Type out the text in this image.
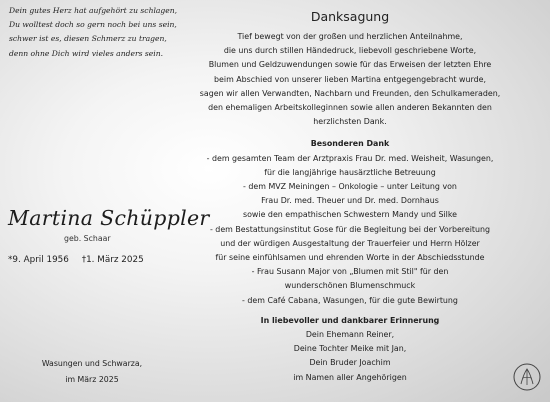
Dein gutes Herz hat aufgehört zu schlagen,
Du wolltest doch so gern noch bei uns sein,
schwer ist es, diesen Schmerz zu tragen,
denn ohne Dich wird vieles anders sein.
Martina Schüppler
geb. Schaar
*9. April 1956 †1. März 2025
Wasungen und Schwarza,
im März 2025
Danksagung
Tief bewegt von der großen und herzlichen Anteilnahme,
die uns durch stillen Händedruck, liebevoll geschriebene Worte,
Blumen und Geldzuwendungen sowie für das Erweisen der letzten Ehre
beim Abschied von unserer lieben Martina entgegengebracht wurde,
sagen wir allen Verwandten, Nachbarn und Freunden, den Schulkameraden,
den ehemaligen Arbeitskolleginnen sowie allen anderen Bekannten den
herzlichsten Dank.
Besonderen Dank
- dem gesamten Team der Arztpraxis Frau Dr. med. Weisheit, Wasungen,
für die langjährige hausärztliche Betreuung
- dem MVZ Meiningen – Onkologie – unter Leitung von
Frau Dr. med. Theuer und Dr. med. Dornhaus
sowie den empathischen Schwestern Mandy und Silke
- dem Bestattungsinstitut Gose für die Begleitung bei der Vorbereitung
und der würdigen Ausgestaltung der Trauerfeier und Herrn Hölzer
für seine einfühlsamen und ehrenden Worte in der Abschiedsstunde
- Frau Susann Major von „Blumen mit Stil" für den
wunderschönen Blumenschmuck
- dem Café Cabana, Wasungen, für die gute Bewirtung
In liebevoller und dankbarer Erinnerung
Dein Ehemann Reiner,
Deine Tochter Meike mit Jan,
Dein Bruder Joachim
im Namen aller Angehörigen
